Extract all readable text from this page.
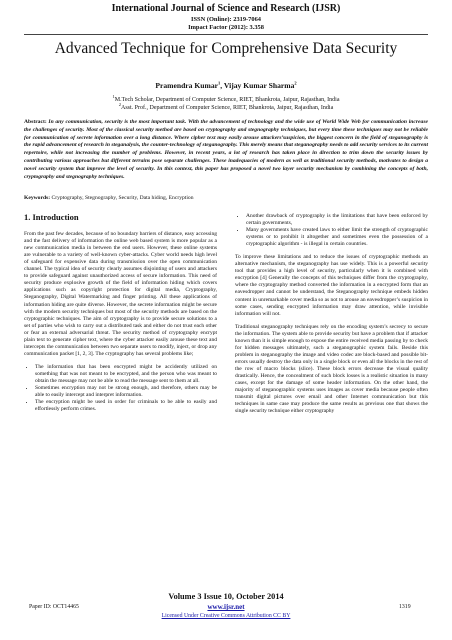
International Journal of Science and Research (IJSR)
ISSN (Online): 2319-7064
Impact Factor (2012): 3.358
Advanced Technique for Comprehensive Data Security
Pramendra Kumar$^1$, Vijay Kumar Sharma$^2$
$^1$M.Tech Scholar, Department of Computer Science, RIET, Bhankrota, Jaipur, Rajasthan, India
$^2$Asst. Prof., Department of Computer Science, RIET, Bhankrota, Jaipur, Rajasthan, India
Abstract: In any communication, security is the most important task. With the advancement of technology and the wide use of World Wide Web for communication increase the challenges of security. Most of the classical security method are based on cryptography and stegnography techniques, but every time these techniques may not be reliable for communication of secrete information over a long distance. Where cipher text may easily arouse attackers’suspicion, the biggest concern in the field of steganography is the rapid advancement of research in steganalysis, the counter-technology of steganography. This merely means that steganography needs to add security services to its current repertoire, while not increasing the number of problems. However, in recent years, a lot of research has taken place in direction to trim down the security issues by contributing various approaches but different terrains pose separate challenges. These inadequacies of modern as well as traditional security methods, motivates to design a novel security system that improve the level of security. In this context, this paper has proposed a novel two layer security mechanism by combining the concepts of both, cryptography and stegnography techniques.
Keywords: Cryptography, Stegnography, Security, Data hiding, Encryption
1. Introduction

From the past few decades, because of no boundary barriers of distance, easy accessing and the fast delivery of information the online web based system is more popular as a new communication media in between the end users. However, these online systems are vulnerable to a variety of well-known cyber-attacks. Cyber world needs high level of safeguard for expensive data during transmission over the open communication channel. The typical idea of security clearly assumes disjointing of users and attackers to provide safeguard against unauthorized access of secure information. This need of security produce explosive growth of the field of information hiding which covers applications such as copyright protection for digital media, Cryptography, Steganography, Digital Watermarking and finger printing. All these applications of information hiding are quite diverse. However, the secrete information might be secure with the modern security techniques but most of the security methods are based on the cryptographic techniques. The aim of cryptography is to provide secure solutions to a set of parties who wish to carry out a distributed task and either do not trust each other or fear an external adversarial threat. The security method of cryptography encrypt plain text to generate cipher text, where the cyber attacker easily arouse these text and intercepts the communication between two separate users to modify, inject, or drop any communication packet [1, 2, 3]. The cryptography has several problems like;

• The information that has been encrypted might be accidently utilized on something that was not meant to be encrypted, and the person who was meant to obtain the message may not be able to read the message sent to them at all.
• Sometimes encryption may not be strong enough, and therefore, others may be able to easily intercept and interpret information.
• The encryption might be used in order for criminals to be able to easily and effortlessly perform crimes.
• Another drawback of cryptography is the limitations that have been enforced by certain governments,
• Many governments have created laws to either limit the strength of cryptographic systems or to prohibit it altogether and sometimes even the possession of a cryptographic algorithm - is illegal in certain countries.

To improve these limitations and to reduce the issues of cryptographic methods an alternative mechanism, the steganography has use widely. This is a powerful security tool that provides a high level of security, particularly when it is combined with encryption [4] Generally the concepts of this techniques differ from the cryptography, where the cryptography method converted the information in a encrypted form that an eavesdropper and cannot be understand, the Steganography technique embeds hidden content in unremarkable cover media so as not to arouse an eavesdropper’s suspicion in some cases, sending encrypted information may draw attention, while invisible information will not.

Traditional steganography techniques rely on the encoding system’s secrecy to secure the information. The system able to provide security but have a problem that if attacker known than it is simple enough to expose the entire received media passing by to check for hidden messages ultimately, such a steganographic system fails. Beside this problem in steganography the image and video codec are block-based and possible bit-errors usually destroy the data only in a single block or even all the blocks in the rest of the row of macro blocks (slice). These block errors decrease the visual quality drastically. Hence, the concealment of such block losses is a realistic situation in many cases, except for the damage of some header information. On the other hand, the majority of steganographic systems uses images as cover media because people often transmit digital pictures over email and other Internet communication but this techniques in same case may produce the same results as previous one that shows the single security technique either cryptography

Volume 3 Issue 10, October 2014
Paper ID: OCT14465	www.ijsr.net	1319
Licensed Under Creative Commons Attribution CC BY
